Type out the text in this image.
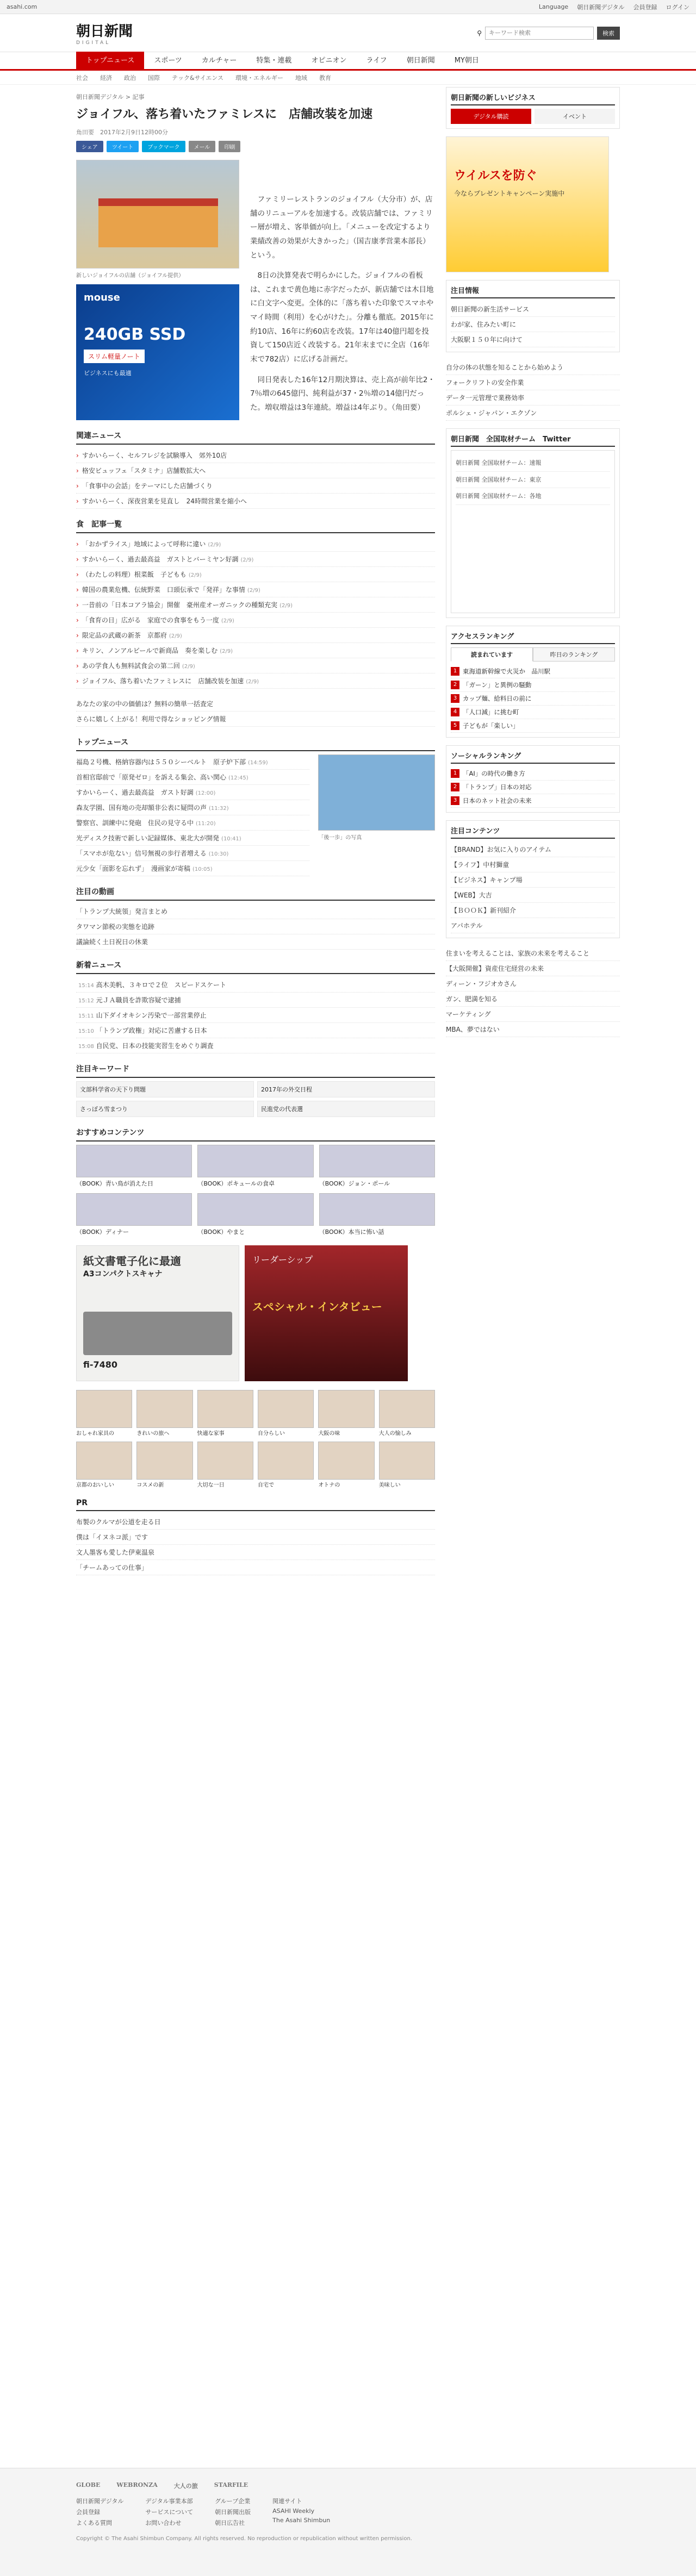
asahi.com	Language 朝日新聞デジタル 会員登録 ログイン
朝日新聞
DIGITAL
⚲
キーワード検索	検索
トップニュース	スポーツ	カルチャー	特集・連載	オピニオン	ライフ	朝日新聞	MY朝日
社会 経済 政治 国際 テック&サイエンス 環境・エネルギー 地域 教育
朝日新聞デジタル > 記事
ジョイフル、落ち着いたファミレスに　店舗改装を加速
角田要　2017年2月9日12時00分
シェア	ツイート	ブックマーク	メール	印刷
新しいジョイフルの店舗（ジョイフル提供）
mouse
240GB SSD
スリム軽量ノート
ビジネスにも最適
関連ニュース
› すかいらーく、セルフレジを試験導入　郊外10店
› 格安ビュッフェ「スタミナ」店舗数拡大へ
› 「食事中の会話」をテーマにした店舗づくり
› すかいらーく、深夜営業を見直し　24時間営業を縮小へ
食　記事一覧
› 「おかずライス」地域によって呼称に違い (2/9)
› すかいらーく、過去最高益　ガストとバーミヤン好調 (2/9)
› （わたしの料理）根菜飯　子どもも (2/9)
› 韓国の農業危機、伝統野菜　口頭伝承で「発祥」な事情 (2/9)
› 一昔前の「日本コアラ協会」開催　豪州産オーガニックの種類充実 (2/9)
› 「食育の日」広がる　家庭での食事をもう一度 (2/9)
› 限定品の武蔵の新茶　京都府 (2/9)
› キリン、ノンアルビールで新商品　奏を楽しむ (2/9)
› あの学食人も無料試食会の第二回 (2/9)
› ジョイフル、落ち着いたファミレスに　店舗改装を加速 (2/9)
あなたの家の中の価値は？無料の簡単一括査定
さらに嬉しく上がる！利用で得なショッピング情報
トップニュース
福島２号機、格納容器内は５５０シーベルト　原子炉下部 (14:59)
首相官邸前で「原発ゼロ」を訴える集会、高い関心 (12:45)
すかいらーく、過去最高益　ガスト好調 (12:00)
森友学園、国有地の売却額非公表に疑問の声 (11:32)
警察官、訓練中に発砲　住民の見守る中 (11:20)
光ディスク技術で新しい記録媒体、東北大が開発 (10:41)
「スマホが危ない」信号無視の歩行者増える (10:30)
元少女「面影を忘れず」　漫画家が寄稿 (10:05)
「後一歩」の写真
注目の動画
「トランプ大統領」発言まとめ
タワマン節税の実態を追跡
議論続く土日祝日の休業
新着ニュース
15:14 高木美帆、３キロで２位　スピードスケート
15:12 元ＪＡ職員を詐欺容疑で逮捕
15:11 山下ダイオキシン汚染で一部営業停止
15:10 「トランプ政権」対応に苦慮する日本
15:08 自民党、日本の技能実習生をめぐり調査
注目キーワード
文部科学省の天下り問題	2017年の外交日程
さっぽろ雪まつり	民進党の代表選
おすすめコンテンツ
（BOOK）青い鳥が消えた日	（BOOK）ポキュールの食卓	（BOOK）ジョン・ポール
（BOOK）ディナー	（BOOK）やまと	（BOOK）本当に怖い話
紙文書電子化に最適
A3コンパクトスキャナ
fi-7480
リーダーシップ
スペシャル・インタビュー
おしゃれ家具の	きれいの旅へ	快適な家事	自分らしい	大阪の味	大人の愉しみ
京都のおいしい	コスメの新	大切な一日	自宅で	オトナの	美味しい
PR
布製のクルマが公道を走る日
僕は「イヌネコ派」です
文人墨客も愛した伊東温泉
「チームあっての仕事」

ファミリーレストランのジョイフル（大分市）が、店舗のリニューアルを加速する。改装店舗では、ファミリー層が増え、客単価が向上。「メニューを改定するより業績改善の効果が大きかった」（国吉康孝営業本部長）という。

8日の決算発表で明らかにした。ジョイフルの看板は、これまで黄色地に赤字だったが、新店舗では木目地に白文字へ変更。全体的に「落ち着いた印象でスマホやマイ時間（利用）を心がけた」。分離も徹底。2015年に約10店、16年に約60店を改装。17年は40億円超を投資して150店近く改装する。21年末までに全店（16年末で782店）に広げる計画だ。

同日発表した16年12月期決算は、売上高が前年比2・7％増の645億円、純利益が37・2％増の14億円だった。増収増益は3年連続。増益は4年ぶり。（角田要）

朝日新聞の新しいビジネス
デジタル購読	イベント
ウイルスを防ぐ
今ならプレゼントキャンペーン実施中
注目情報
朝日新聞の新生活サービス
わが家、住みたい町に
大阪駅１５０年に向けて
自分の体の状態を知ることから始めよう
フォークリフトの安全作業
データ一元管理で業務効率
ポルシェ・ジャパン・エクゾン
朝日新聞　全国取材チーム　Twitter
朝日新聞 全国取材チーム：速報
朝日新聞 全国取材チーム：東京
朝日新聞 全国取材チーム：各地
アクセスランキング
読まれています	昨日のランキング
1 東海道新幹線で火災か　品川駅
2 「ガーン」と異例の騒動
3 カップ麺、給料日の前に
4 「人口減」に挑む町
5 子どもが「楽しい」
ソーシャルランキング
1 「AI」の時代の働き方
2 「トランプ」日本の対応
3 日本のネット社会の未来
注目コンテンツ
【BRAND】お気に入りのアイテム
【ライフ】中村獅童
【ビジネス】キャンプ場
【WEB】大吉
【ＢＯＯＫ】新刊紹介
アパホテル
住まいを考えることは、家族の未来を考えること
【大阪開催】資産住宅経営の未来
ディーン・フジオカさん
ガン、肥満を知る
マーケティング
MBA、夢ではない
GLOBE	WEBRONZA	大人の旅	STARFILE
朝日新聞デジタル
会員登録
よくある質問
デジタル事業本部
サービスについて
お問い合わせ
グループ企業
朝日新聞出版
朝日広告社
関連サイト
ASAHI Weekly
The Asahi Shimbun
Copyright © The Asahi Shimbun Company. All rights reserved. No reproduction or republication without written permission.
